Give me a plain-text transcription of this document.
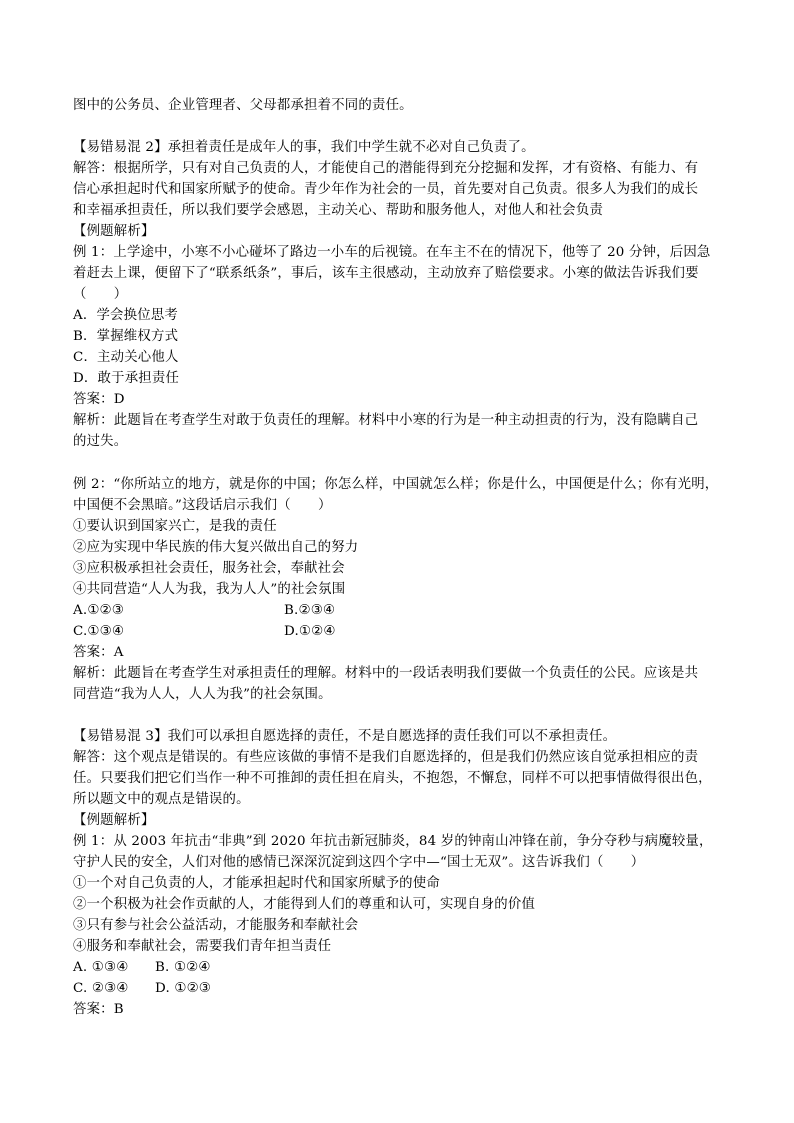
图中的公务员、企业管理者、父母都承担着不同的责任。
【易错易混 2】承担着责任是成年人的事，我们中学生就不必对自己负责了。
解答：根据所学，只有对自己负责的人，才能使自己的潜能得到充分挖掘和发挥，才有资格、有能力、有
信心承担起时代和国家所赋予的使命。青少年作为社会的一员，首先要对自己负责。很多人为我们的成长
和幸福承担责任，所以我们要学会感恩，主动关心、帮助和服务他人，对他人和社会负责
【例题解析】
例 1：上学途中，小寒不小心碰坏了路边一小车的后视镜。在车主不在的情况下，他等了 20 分钟，后因急
着赶去上课，便留下了“联系纸条”，事后，该车主很感动，主动放弃了赔偿要求。小寒的做法告诉我们要
（　　）
A．学会换位思考
B．掌握维权方式
C．主动关心他人
D．敢于承担责任
答案：D
解析：此题旨在考查学生对敢于负责任的理解。材料中小寒的行为是一种主动担责的行为，没有隐瞒自己
的过失。
例 2：“你所站立的地方，就是你的中国；你怎么样，中国就怎么样；你是什么，中国便是什么；你有光明，
中国便不会黑暗。”这段话启示我们（　　）
①要认识到国家兴亡，是我的责任
②应为实现中华民族的伟大复兴做出自己的努力
③应积极承担社会责任，服务社会，奉献社会
④共同营造“人人为我，我为人人”的社会氛围
A.①②③	B.②③④
C.①③④	D.①②④
答案：A
解析：此题旨在考查学生对承担责任的理解。材料中的一段话表明我们要做一个负责任的公民。应该是共
同营造“我为人人，人人为我”的社会氛围。
【易错易混 3】我们可以承担自愿选择的责任，不是自愿选择的责任我们可以不承担责任。
解答：这个观点是错误的。有些应该做的事情不是我们自愿选择的，但是我们仍然应该自觉承担相应的责
任。只要我们把它们当作一种不可推卸的责任担在肩头，不抱怨，不懈怠，同样不可以把事情做得很出色，
所以题文中的观点是错误的。
【例题解析】
例 1：从 2003 年抗击“非典”到 2020 年抗击新冠肺炎，84 岁的钟南山冲锋在前，争分夺秒与病魔较量，
守护人民的安全，人们对他的感情已深深沉淀到这四个字中—“国士无双”。这告诉我们（　　）
①一个对自己负责的人，才能承担起时代和国家所赋予的使命
②一个积极为社会作贡献的人，才能得到人们的尊重和认可，实现自身的价值
③只有参与社会公益活动，才能服务和奉献社会
④服务和奉献社会，需要我们青年担当责任
A. ①③④ B. ①②④
C. ②③④ D. ①②③
答案：B
